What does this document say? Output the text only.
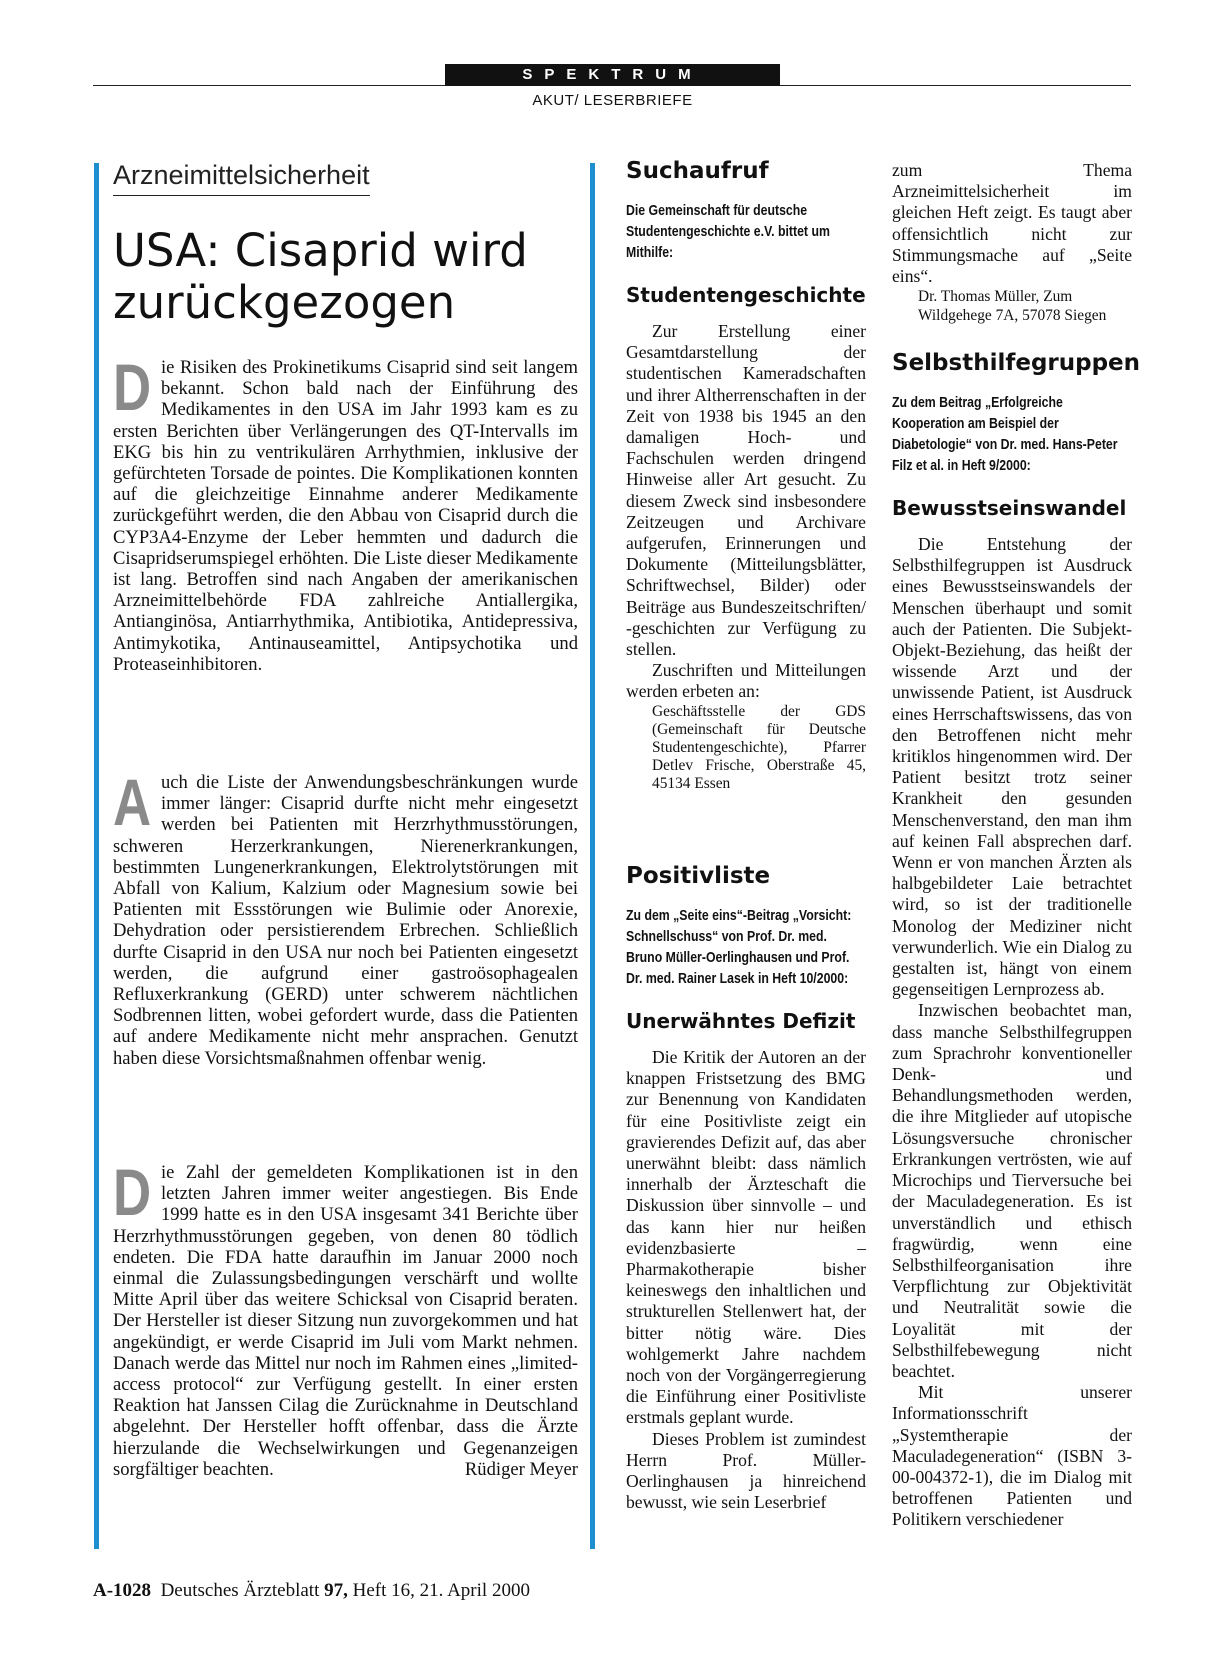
SPEKTRUM
AKUT/ LESERBRIEFE
Arzneimittelsicherheit
USA: Cisaprid wird zurückgezogen

Die Risiken des Prokinetikums Cisaprid sind seit langem bekannt. Schon bald nach der Einführung des Medikamentes in den USA im Jahr 1993 kam es zu ersten Berichten über Verlängerungen des QT-Intervalls im EKG bis hin zu ventrikulären Arrhythmien, inklusive der gefürchteten Torsade de pointes. Die Komplikationen konnten auf die gleichzeitige Einnahme anderer Medikamente zurückgeführt werden, die den Abbau von Cisaprid durch die CYP3A4-Enzyme der Leber hemmten und dadurch die Cisapridserumspiegel erhöhten. Die Liste dieser Medikamente ist lang. Betroffen sind nach Angaben der amerikanischen Arzneimittelbehörde FDA zahlreiche Antiallergika, Antianginösa, Antiarrhythmika, Antibiotika, Antidepressiva, Antimykotika, Antinauseamittel, Antipsychotika und Proteaseinhibitoren.

Auch die Liste der Anwendungsbeschränkungen wurde immer länger: Cisaprid durfte nicht mehr eingesetzt werden bei Patienten mit Herzrhythmusstörungen, schweren Herzerkrankungen, Nierenerkrankungen, bestimmten Lungenerkrankungen, Elektrolytstörungen mit Abfall von Kalium, Kalzium oder Magnesium sowie bei Patienten mit Essstörungen wie Bulimie oder Anorexie, Dehydration oder persistierendem Erbrechen. Schließlich durfte Cisaprid in den USA nur noch bei Patienten eingesetzt werden, die aufgrund einer gastroösophagealen Refluxerkrankung (GERD) unter schwerem nächtlichen Sodbrennen litten, wobei gefordert wurde, dass die Patienten auf andere Medikamente nicht mehr ansprachen. Genutzt haben diese Vorsichtsmaßnahmen offenbar wenig.

Die Zahl der gemeldeten Komplikationen ist in den letzten Jahren immer weiter angestiegen. Bis Ende 1999 hatte es in den USA insgesamt 341 Berichte über Herzrhythmusstörungen gegeben, von denen 80 tödlich endeten. Die FDA hatte daraufhin im Januar 2000 noch einmal die Zulassungsbedingungen verschärft und wollte Mitte April über das weitere Schicksal von Cisaprid beraten. Der Hersteller ist dieser Sitzung nun zuvorgekommen und hat angekündigt, er werde Cisaprid im Juli vom Markt nehmen. Danach werde das Mittel nur noch im Rahmen eines „limited-access protocol“ zur Verfügung gestellt. In einer ersten Reaktion hat Janssen Cilag die Zurücknahme in Deutschland abgelehnt. Der Hersteller hofft offenbar, dass die Ärzte hierzulande die Wechselwirkungen und Gegenanzeigen sorgfältiger beachten.	Rüdiger Meyer

Suchaufruf

Die Gemeinschaft für deutsche Studentengeschichte e.V. bittet um Mithilfe:

Studentengeschichte

Zur Erstellung einer Gesamtdarstellung der studentischen Kameradschaften und ihrer Altherrenschaften in der Zeit von 1938 bis 1945 an den damaligen Hoch- und Fachschulen werden dringend Hinweise aller Art gesucht. Zu diesem Zweck sind insbesondere Zeitzeugen und Archivare aufgerufen, Erinnerungen und Dokumente (Mitteilungsblätter, Schriftwechsel, Bilder) oder Beiträge aus Bundeszeitschriften/ -geschichten zur Verfügung zu stellen.

Zuschriften und Mitteilungen werden erbeten an:

Geschäftsstelle der GDS (Gemeinschaft für Deutsche Studentengeschichte), Pfarrer Detlev Frische, Oberstraße 45, 45134 Essen

Positivliste

Zu dem „Seite eins“-Beitrag „Vorsicht: Schnellschuss“ von Prof. Dr. med. Bruno Müller-Oerlinghausen und Prof. Dr. med. Rainer Lasek in Heft 10/2000:

Unerwähntes Defizit

Die Kritik der Autoren an der knappen Fristsetzung des BMG zur Benennung von Kandidaten für eine Positivliste zeigt ein gravierendes Defizit auf, das aber unerwähnt bleibt: dass nämlich innerhalb der Ärzteschaft die Diskussion über sinnvolle – und das kann hier nur heißen evidenzbasierte – Pharmakotherapie bisher keineswegs den inhaltlichen und strukturellen Stellenwert hat, der bitter nötig wäre. Dies wohlgemerkt Jahre nachdem noch von der Vorgängerregierung die Einführung einer Positivliste erstmals geplant wurde.

Dieses Problem ist zumindest Herrn Prof. Müller-Oerlinghausen ja hinreichend bewusst, wie sein Leserbrief

zum Thema Arzneimittelsicherheit im gleichen Heft zeigt. Es taugt aber offensichtlich nicht zur Stimmungsmache auf „Seite eins“.

Dr. Thomas Müller, Zum Wildgehege 7A, 57078 Siegen

Selbsthilfegruppen

Zu dem Beitrag „Erfolgreiche Kooperation am Beispiel der Diabetologie“ von Dr. med. Hans-Peter Filz et al. in Heft 9/2000:

Bewusstseinswandel

Die Entstehung der Selbsthilfegruppen ist Ausdruck eines Bewusstseinswandels der Menschen überhaupt und somit auch der Patienten. Die Subjekt-Objekt-Beziehung, das heißt der wissende Arzt und der unwissende Patient, ist Ausdruck eines Herrschaftswissens, das von den Betroffenen nicht mehr kritiklos hingenommen wird. Der Patient besitzt trotz seiner Krankheit den gesunden Menschenverstand, den man ihm auf keinen Fall absprechen darf. Wenn er von manchen Ärzten als halbgebildeter Laie betrachtet wird, so ist der traditionelle Monolog der Mediziner nicht verwunderlich. Wie ein Dialog zu gestalten ist, hängt von einem gegenseitigen Lernprozess ab.

Inzwischen beobachtet man, dass manche Selbsthilfegruppen zum Sprachrohr konventioneller Denk- und Behandlungsmethoden werden, die ihre Mitglieder auf utopische Lösungsversuche chronischer Erkrankungen vertrösten, wie auf Microchips und Tierversuche bei der Maculadegeneration. Es ist unverständlich und ethisch fragwürdig, wenn eine Selbsthilfeorganisation ihre Verpflichtung zur Objektivität und Neutralität sowie die Loyalität mit der Selbsthilfebewegung nicht beachtet.

Mit unserer Informationsschrift „Systemtherapie der Maculadegeneration“ (ISBN 3-00-004372-1), die im Dialog mit betroffenen Patienten und Politikern verschiedener

A-1028 Deutsches Ärzteblatt 97, Heft 16, 21. April 2000
